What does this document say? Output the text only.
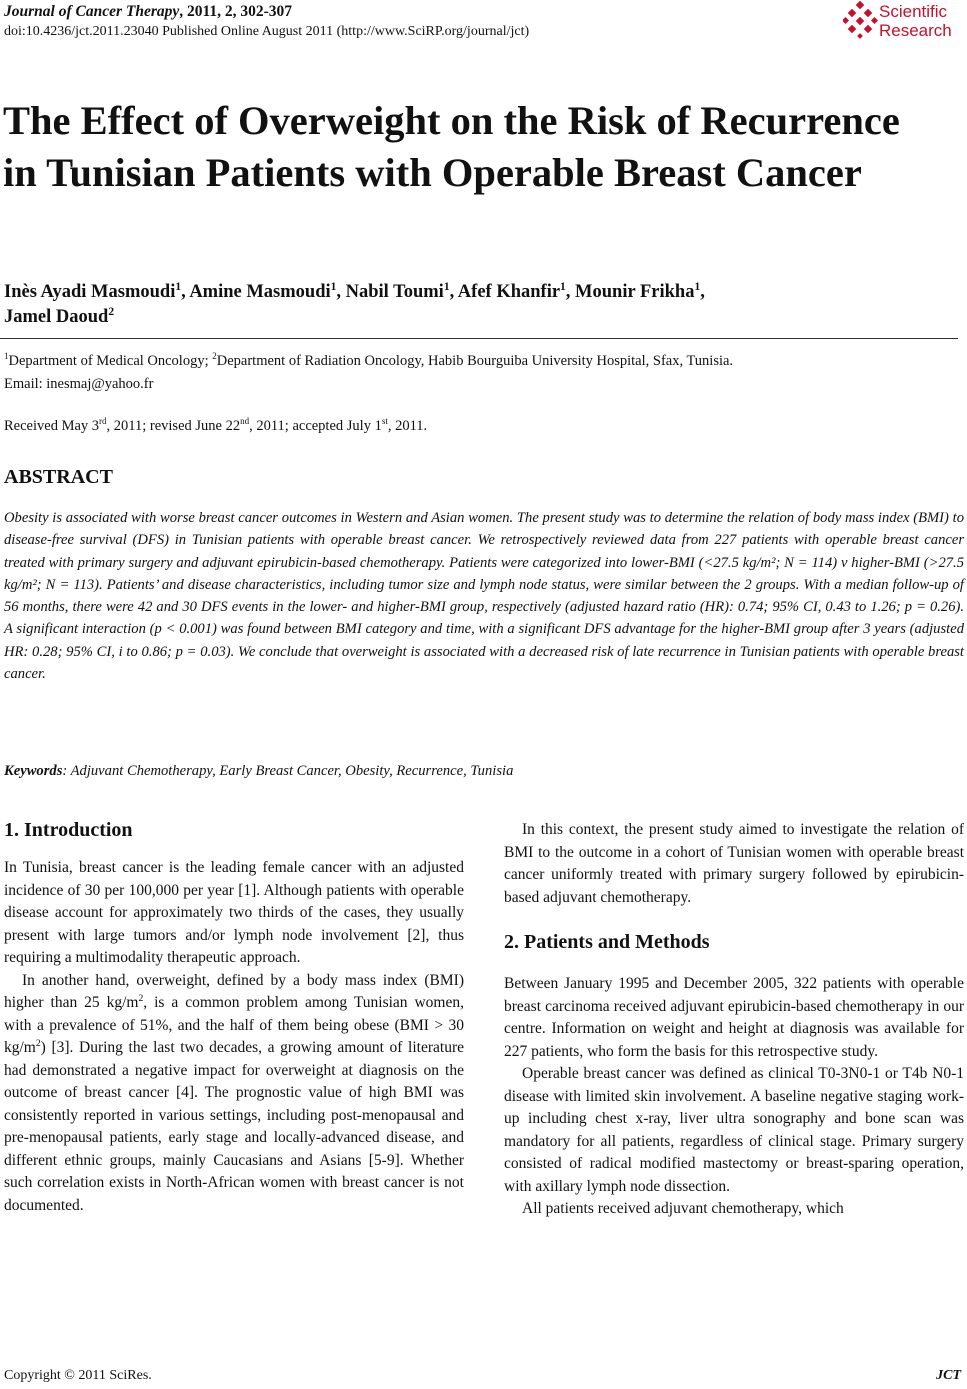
Journal of Cancer Therapy, 2011, 2, 302-307
doi:10.4236/jct.2011.23040 Published Online August 2011 (http://www.SciRP.org/journal/jct)
Scientific
Research
The Effect of Overweight on the Risk of Recurrence in Tunisian Patients with Operable Breast Cancer
Inès Ayadi Masmoudi$^1$, Amine Masmoudi$^1$, Nabil Toumi$^1$, Afef Khanfir$^1$, Mounir Frikha$^1$,
Jamel Daoud$^2$
$^1$Department of Medical Oncology; $^2$Department of Radiation Oncology, Habib Bourguiba University Hospital, Sfax, Tunisia.
Email: inesmaj@yahoo.fr
Received May 3rd, 2011; revised June 22nd, 2011; accepted July 1st, 2011.
ABSTRACT

Obesity is associated with worse breast cancer outcomes in Western and Asian women. The present study was to determine the relation of body mass index (BMI) to disease-free survival (DFS) in Tunisian patients with operable breast cancer. We retrospectively reviewed data from 227 patients with operable breast cancer treated with primary surgery and adjuvant epirubicin-based chemotherapy. Patients were categorized into lower-BMI (<27.5 kg/m²; N = 114) v higher-BMI (>27.5 kg/m²; N = 113). Patients’ and disease characteristics, including tumor size and lymph node status, were similar between the 2 groups. With a median follow-up of 56 months, there were 42 and 30 DFS events in the lower- and higher-BMI group, respectively (adjusted hazard ratio (HR): 0.74; 95% CI, 0.43 to 1.26; p = 0.26). A significant interaction (p < 0.001) was found between BMI category and time, with a significant DFS advantage for the higher-BMI group after 3 years (adjusted HR: 0.28; 95% CI, i to 0.86; p = 0.03). We conclude that overweight is associated with a decreased risk of late recurrence in Tunisian patients with operable breast cancer.

Keywords: Adjuvant Chemotherapy, Early Breast Cancer, Obesity, Recurrence, Tunisia
1. Introduction

In Tunisia, breast cancer is the leading female cancer with an adjusted incidence of 30 per 100,000 per year [1]. Although patients with operable disease account for approximately two thirds of the cases, they usually present with large tumors and/or lymph node involvement [2], thus requiring a multimodality therapeutic approach.

In another hand, overweight, defined by a body mass index (BMI) higher than 25 $kg/m^2$, is a common problem among Tunisian women, with a prevalence of 51%, and the half of them being obese (BMI > 30 $kg/m^2$) [3]. During the last two decades, a growing amount of literature had demonstrated a negative impact for overweight at diagnosis on the outcome of breast cancer [4]. The prognostic value of high BMI was consistently reported in various settings, including post-menopausal and pre-menopausal patients, early stage and locally-advanced disease, and different ethnic groups, mainly Caucasians and Asians [5-9]. Whether such correlation exists in North-African women with breast cancer is not documented.

In this context, the present study aimed to investigate the relation of BMI to the outcome in a cohort of Tunisian women with operable breast cancer uniformly treated with primary surgery followed by epirubicin-based adjuvant chemotherapy.

2. Patients and Methods

Between January 1995 and December 2005, 322 patients with operable breast carcinoma received adjuvant epirubicin-based chemotherapy in our centre. Information on weight and height at diagnosis was available for 227 patients, who form the basis for this retrospective study.

Operable breast cancer was defined as clinical T0-3N0-1 or T4b N0-1 disease with limited skin involvement. A baseline negative staging work-up including chest x-ray, liver ultra sonography and bone scan was mandatory for all patients, regardless of clinical stage. Primary surgery consisted of radical modified mastectomy or breast-sparing operation, with axillary lymph node dissection.

All patients received adjuvant chemotherapy, which

Copyright © 2011 SciRes.	JCT
